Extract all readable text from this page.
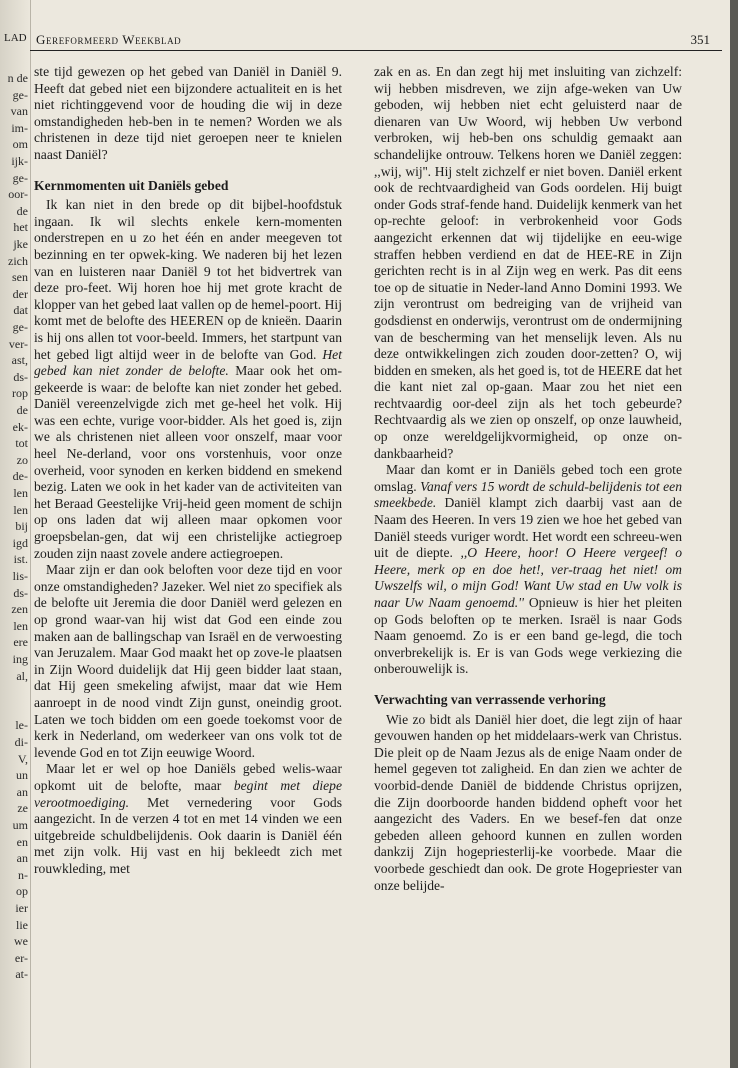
n de
ge-
van
im-
om
ijk-
ge-
oor-
de
het
jke
zich
sen
der
dat
ge-
ver-
ast,
ds-
rop
de
ek-
tot
zo
de-
len
len
bij
igd
ist.
lis-
ds-
zen
len
ere
ing
al,
le-
di-
V,
un
an
ze
um
en
an
n-
op
ier
lie
we
er-
at-
LAD Gereformeerd Weekblad	351

ste tijd gewezen op het gebed van Daniël in Daniël 9. Heeft dat gebed niet een bijzondere actualiteit en is het niet richtinggevend voor de houding die wij in deze omstandigheden heb-ben in te nemen? Worden we als christenen in deze tijd niet geroepen neer te knielen naast Daniël?

Kernmomenten uit Daniëls gebed

Ik kan niet in den brede op dit bijbel-hoofdstuk ingaan. Ik wil slechts enkele kern-momenten onderstrepen en u zo het één en ander meegeven tot bezinning en ter opwek-king. We naderen bij het lezen van en luisteren naar Daniël 9 tot het bidvertrek van deze pro-feet. Wij horen hoe hij met grote kracht de klopper van het gebed laat vallen op de hemel-poort. Hij komt met de belofte des HEEREN op de knieën. Daarin is hij ons allen tot voor-beeld. Immers, het startpunt van het gebed ligt altijd weer in de belofte van God. Het gebed kan niet zonder de belofte. Maar ook het om-gekeerde is waar: de belofte kan niet zonder het gebed. Daniël vereenzelvigde zich met ge-heel het volk. Hij was een echte, vurige voor-bidder. Als het goed is, zijn we als christenen niet alleen voor onszelf, maar voor heel Ne-derland, voor ons vorstenhuis, voor onze overheid, voor synoden en kerken biddend en smekend bezig. Laten we ook in het kader van de activiteiten van het Beraad Geestelijke Vrij-heid geen moment de schijn op ons laden dat wij alleen maar opkomen voor groepsbelan-gen, dat wij een christelijke actiegroep zouden zijn naast zovele andere actiegroepen.

Maar zijn er dan ook beloften voor deze tijd en voor onze omstandigheden? Jazeker. Wel niet zo specifiek als de belofte uit Jeremia die door Daniël werd gelezen en op grond waar-van hij wist dat God een einde zou maken aan de ballingschap van Israël en de verwoesting van Jeruzalem. Maar God maakt het op zove-le plaatsen in Zijn Woord duidelijk dat Hij geen bidder laat staan, dat Hij geen smekeling afwijst, maar dat wie Hem aanroept in de nood vindt Zijn gunst, oneindig groot. Laten we toch bidden om een goede toekomst voor de kerk in Nederland, om wederkeer van ons volk tot de levende God en tot Zijn eeuwige Woord.

Maar let er wel op hoe Daniëls gebed welis-waar opkomt uit de belofte, maar begint met diepe verootmoediging. Met vernedering voor Gods aangezicht. In de verzen 4 tot en met 14 vinden we een uitgebreide schuldbelijdenis. Ook daarin is Daniël één met zijn volk. Hij vast en hij bekleedt zich met rouwkleding, met

zak en as. En dan zegt hij met insluiting van zichzelf: wij hebben misdreven, we zijn afge-weken van Uw geboden, wij hebben niet echt geluisterd naar de dienaren van Uw Woord, wij hebben Uw verbond verbroken, wij heb-ben ons schuldig gemaakt aan schandelijke ontrouw. Telkens horen we Daniël zeggen: ,,wij, wij''. Hij stelt zichzelf er niet boven. Daniël erkent ook de rechtvaardigheid van Gods oordelen. Hij buigt onder Gods straf-fende hand. Duidelijk kenmerk van het op-rechte geloof: in verbrokenheid voor Gods aangezicht erkennen dat wij tijdelijke en eeu-wige straffen hebben verdiend en dat de HEE-RE in Zijn gerichten recht is in al Zijn weg en werk. Pas dit eens toe op de situatie in Neder-land Anno Domini 1993. We zijn verontrust om bedreiging van de vrijheid van godsdienst en onderwijs, verontrust om de ondermijning van de bescherming van het menselijk leven. Als nu deze ontwikkelingen zich zouden door-zetten? O, wij bidden en smeken, als het goed is, tot de HEERE dat het die kant niet zal op-gaan. Maar zou het niet een rechtvaardig oor-deel zijn als het toch gebeurde? Rechtvaardig als we zien op onszelf, op onze lauwheid, op onze wereldgelijkvormigheid, op onze on-dankbaarheid?

Maar dan komt er in Daniëls gebed toch een grote omslag. Vanaf vers 15 wordt de schuld-belijdenis tot een smeekbede. Daniël klampt zich daarbij vast aan de Naam des Heeren. In vers 19 zien we hoe het gebed van Daniël steeds vuriger wordt. Het wordt een schreeu-wen uit de diepte. ,,O Heere, hoor! O Heere vergeef! o Heere, merk op en doe het!, ver-traag het niet! om Uwszelfs wil, o mijn God! Want Uw stad en Uw volk is naar Uw Naam genoemd.'' Opnieuw is hier het pleiten op Gods beloften op te merken. Israël is naar Gods Naam genoemd. Zo is er een band ge-legd, die toch onverbrekelijk is. Er is van Gods wege verkiezing die onberouwelijk is.

Verwachting van verrassende verhoring

Wie zo bidt als Daniël hier doet, die legt zijn of haar gevouwen handen op het middelaars-werk van Christus. Die pleit op de Naam Jezus als de enige Naam onder de hemel gegeven tot zaligheid. En dan zien we achter de voorbid-dende Daniël de biddende Christus oprijzen, die Zijn doorboorde handen biddend opheft voor het aangezicht des Vaders. En we besef-fen dat onze gebeden alleen gehoord kunnen en zullen worden dankzij Zijn hogepriesterlij-ke voorbede. Maar die voorbede geschiedt dan ook. De grote Hogepriester van onze belijde-
